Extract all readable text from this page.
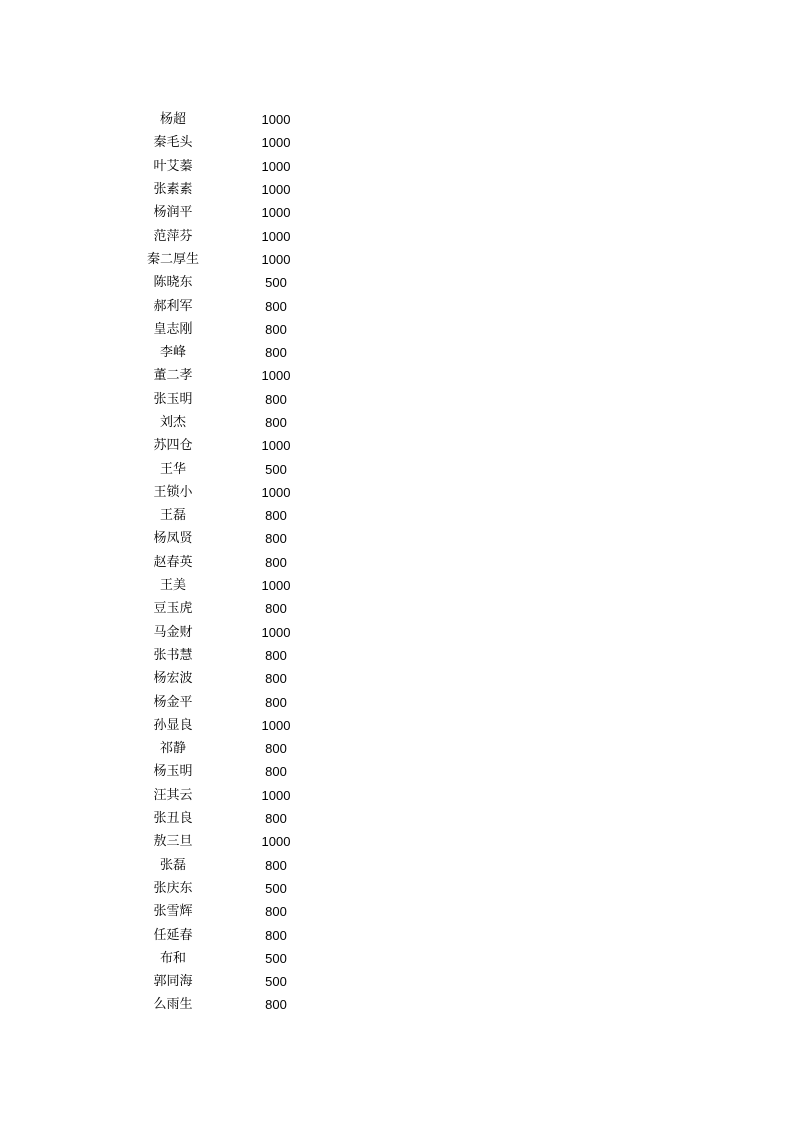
杨超	1000
秦毛头	1000
叶艾蓁	1000
张素素	1000
杨润平	1000
范萍芬	1000
秦二厚生	1000
陈晓东	500
郝利军	800
皇志刚	800
李峰	800
董二孝	1000
张玉明	800
刘杰	800
苏四仓	1000
王华	500
王锁小	1000
王磊	800
杨凤贤	800
赵春英	800
王美	1000
豆玉虎	800
马金财	1000
张书慧	800
杨宏波	800
杨金平	800
孙显良	1000
祁静	800
杨玉明	800
汪其云	1000
张丑良	800
敖三旦	1000
张磊	800
张庆东	500
张雪辉	800
任延春	800
布和	500
郭同海	500
么雨生	800
